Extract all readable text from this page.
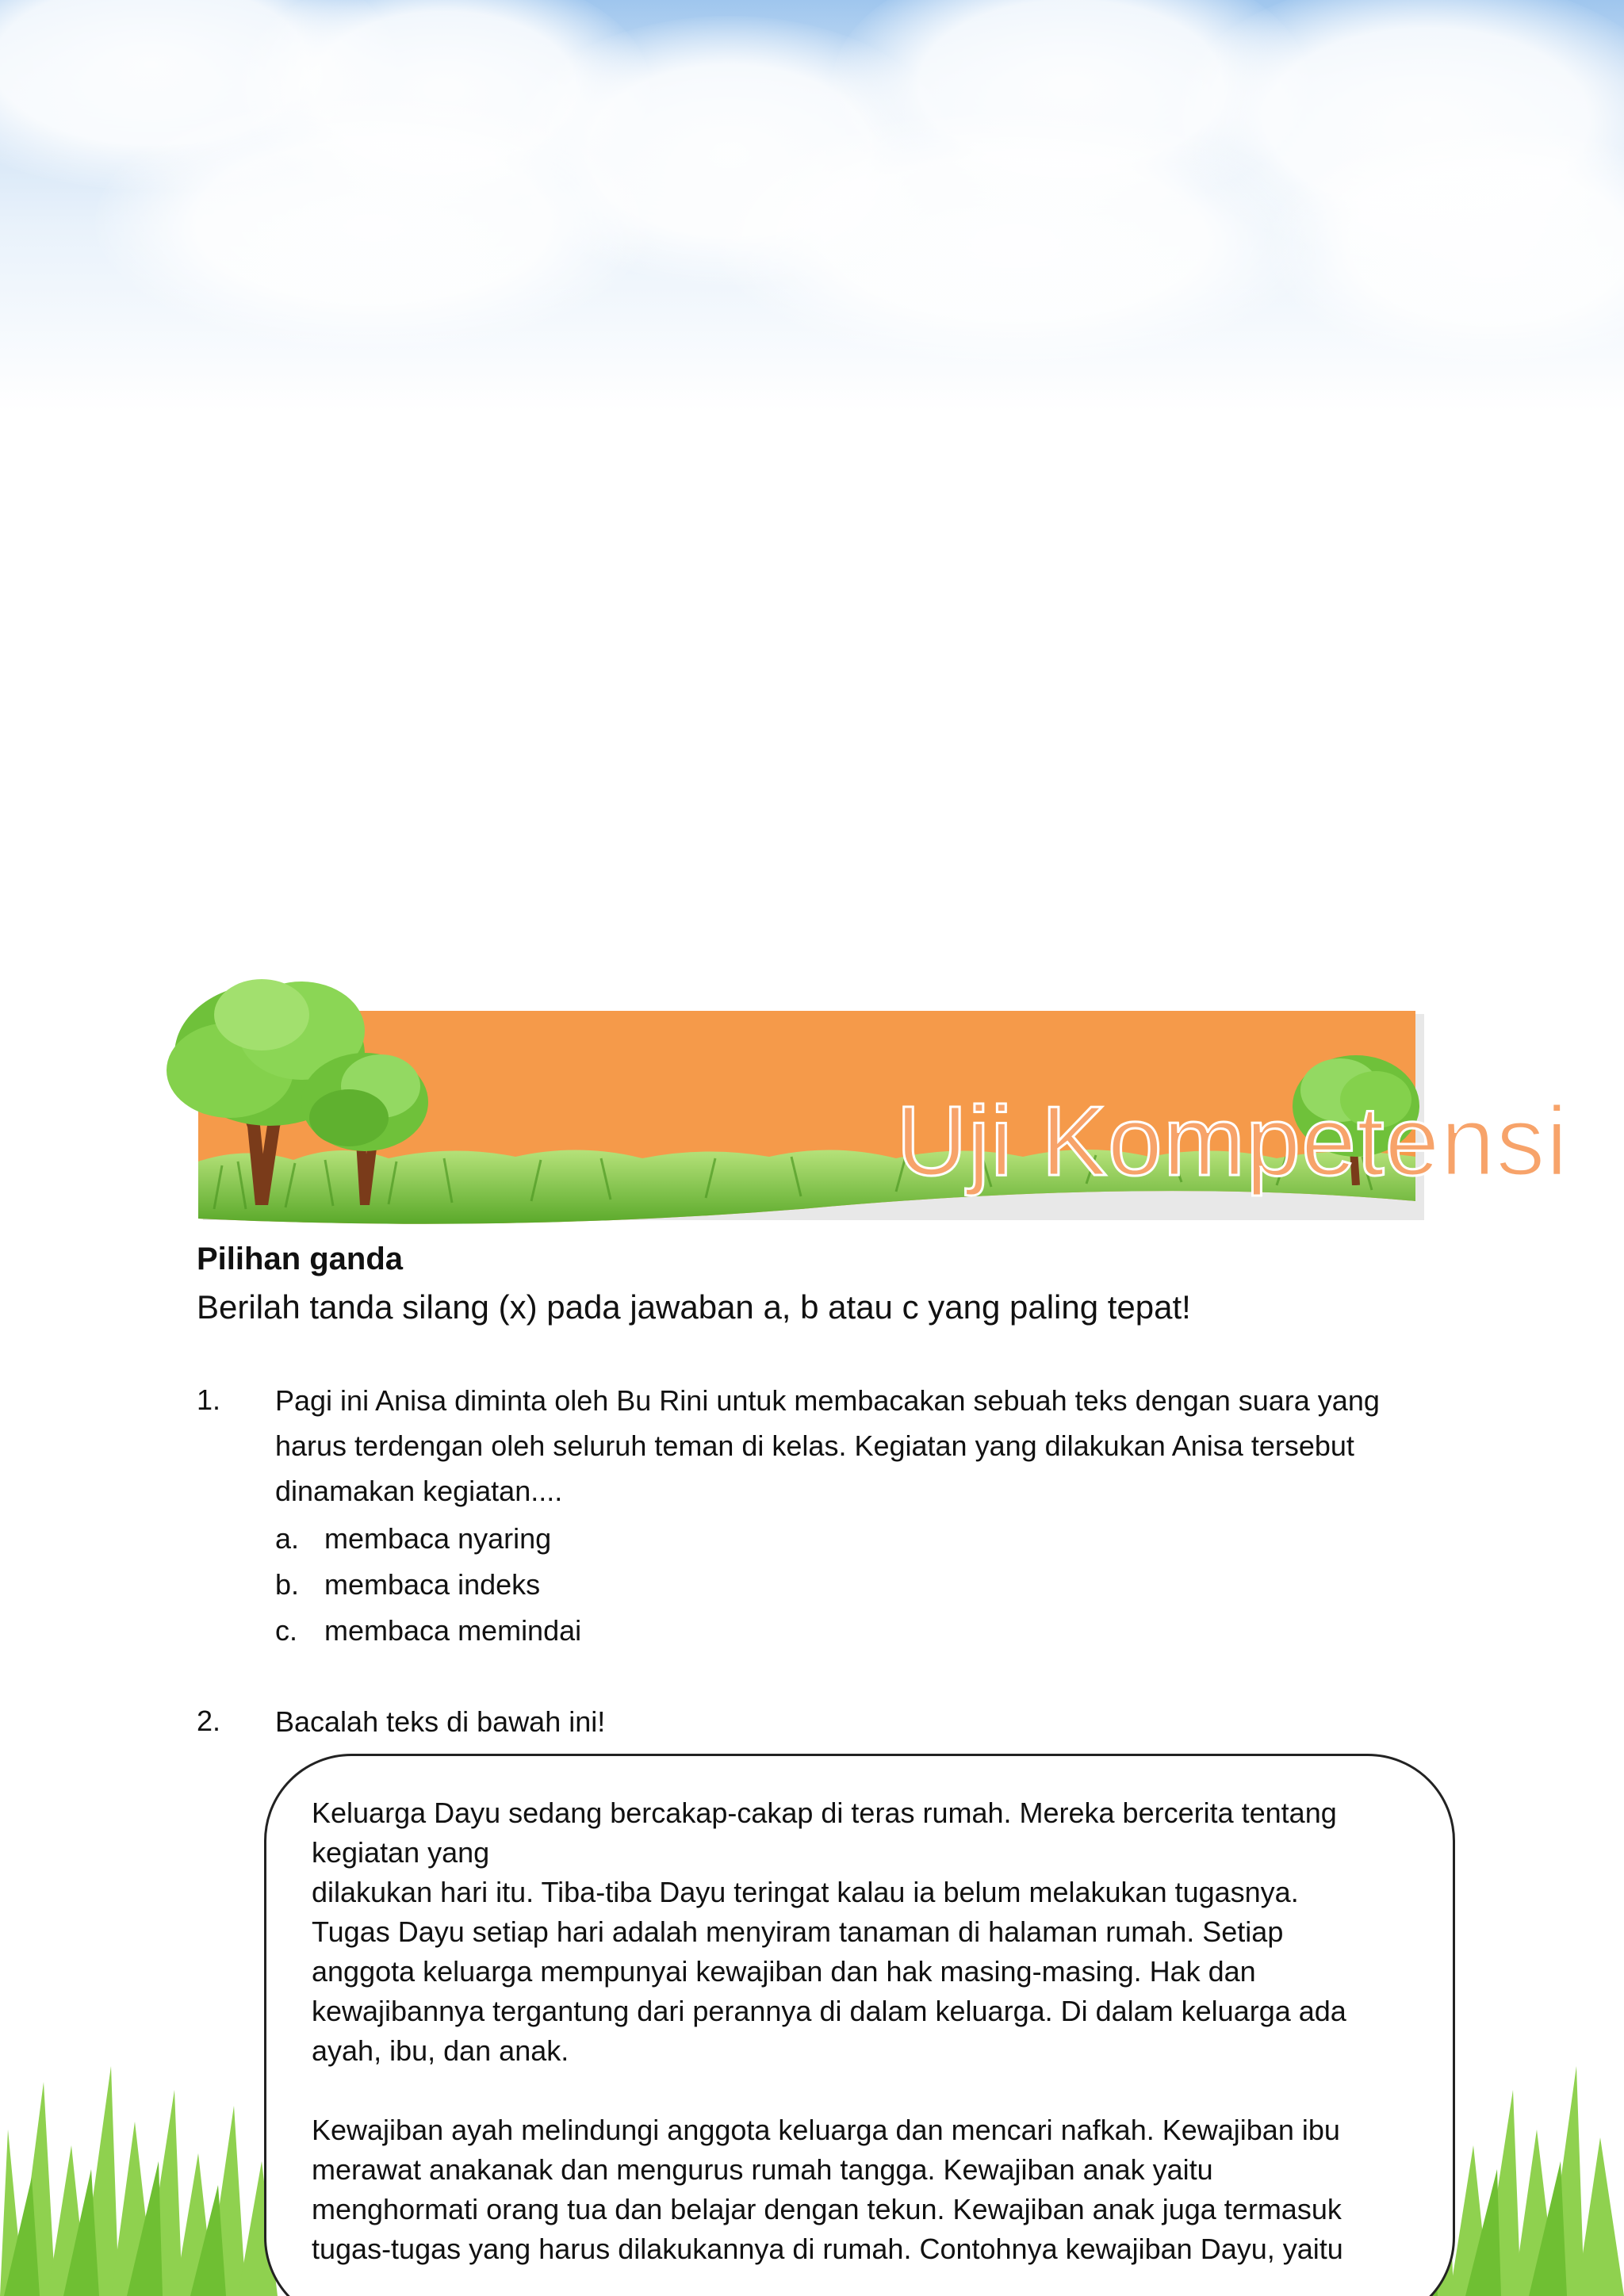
Uji Kompetensi
Pilihan ganda
Berilah tanda silang (x) pada jawaban a, b atau c yang paling tepat!
1. Pagi ini Anisa diminta oleh Bu Rini untuk membacakan sebuah teks dengan suara yang
harus terdengan oleh seluruh teman di kelas. Kegiatan yang dilakukan Anisa tersebut
dinamakan kegiatan....
a. membaca nyaring
b. membaca indeks
c. membaca memindai
2. Bacalah teks di bawah ini!

Keluarga Dayu sedang bercakap-cakap di teras rumah. Mereka bercerita tentang

kegiatan yang

dilakukan hari itu. Tiba-tiba Dayu teringat kalau ia belum melakukan tugasnya.

Tugas Dayu setiap hari adalah menyiram tanaman di halaman rumah. Setiap

anggota keluarga mempunyai kewajiban dan hak masing-masing. Hak dan

kewajibannya tergantung dari perannya di dalam keluarga. Di dalam keluarga ada

ayah, ibu, dan anak.

Kewajiban ayah melindungi anggota keluarga dan mencari nafkah. Kewajiban ibu

merawat anakanak dan mengurus rumah tangga. Kewajiban anak yaitu

menghormati orang tua dan belajar dengan tekun. Kewajiban anak juga termasuk

tugas-tugas yang harus dilakukannya di rumah. Contohnya kewajiban Dayu, yaitu
